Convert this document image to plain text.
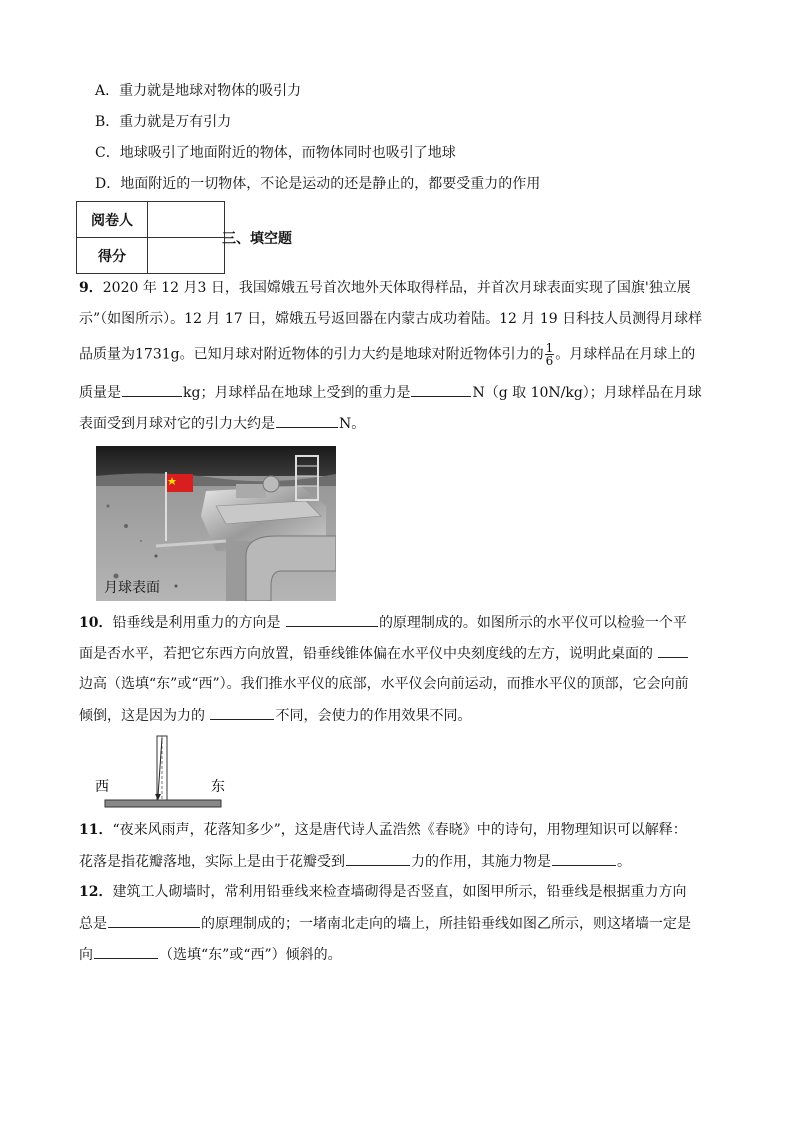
A．重力就是地球对物体的吸引力
B．重力就是万有引力
C．地球吸引了地面附近的物体，而物体同时也吸引了地球
D．地面附近的一切物体，不论是运动的还是静止的，都要受重力的作用
阅卷人	
得分	
三、填空题
9．2020 年 12 月3 日，我国嫦娥五号首次地外天体取得样品，并首次月球表面实现了国旗'独立展
示”（如图所示）。12 月 17 日，嫦娥五号返回器在内蒙古成功着陆。12 月 19 日科技人员测得月球样
品质量为1731g。已知月球对附近物体的引力大约是地球对附近物体引力的 $\frac{1}{6}$ 。月球样品在月球上的
质量是	kg；月球样品在地球上受到的重力是	N（g 取 10N/kg）；月球样品在月球
表面受到月球对它的引力大约是	N。
月球表面
10．铅垂线是利用重力的方向是	的原理制成的。如图所示的水平仪可以检验一个平
面是否水平，若把它东西方向放置，铅垂线锥体偏在水平仪中央刻度线的左方，说明此桌面的
边高（选填“东”或“西”）。我们推水平仪的底部，水平仪会向前运动，而推水平仪的顶部，它会向前
倾倒，这是因为力的	不同，会使力的作用效果不同。
西	东
11．“夜来风雨声，花落知多少”，这是唐代诗人孟浩然《春晓》中的诗句，用物理知识可以解释：
花落是指花瓣落地，实际上是由于花瓣受到	力的作用，其施力物是	。
12．建筑工人砌墙时，常利用铅垂线来检查墙砌得是否竖直，如图甲所示，铅垂线是根据重力方向
总是	的原理制成的；一堵南北走向的墙上，所挂铅垂线如图乙所示，则这堵墙一定是
向	（选填“东”或“西”）倾斜的。
